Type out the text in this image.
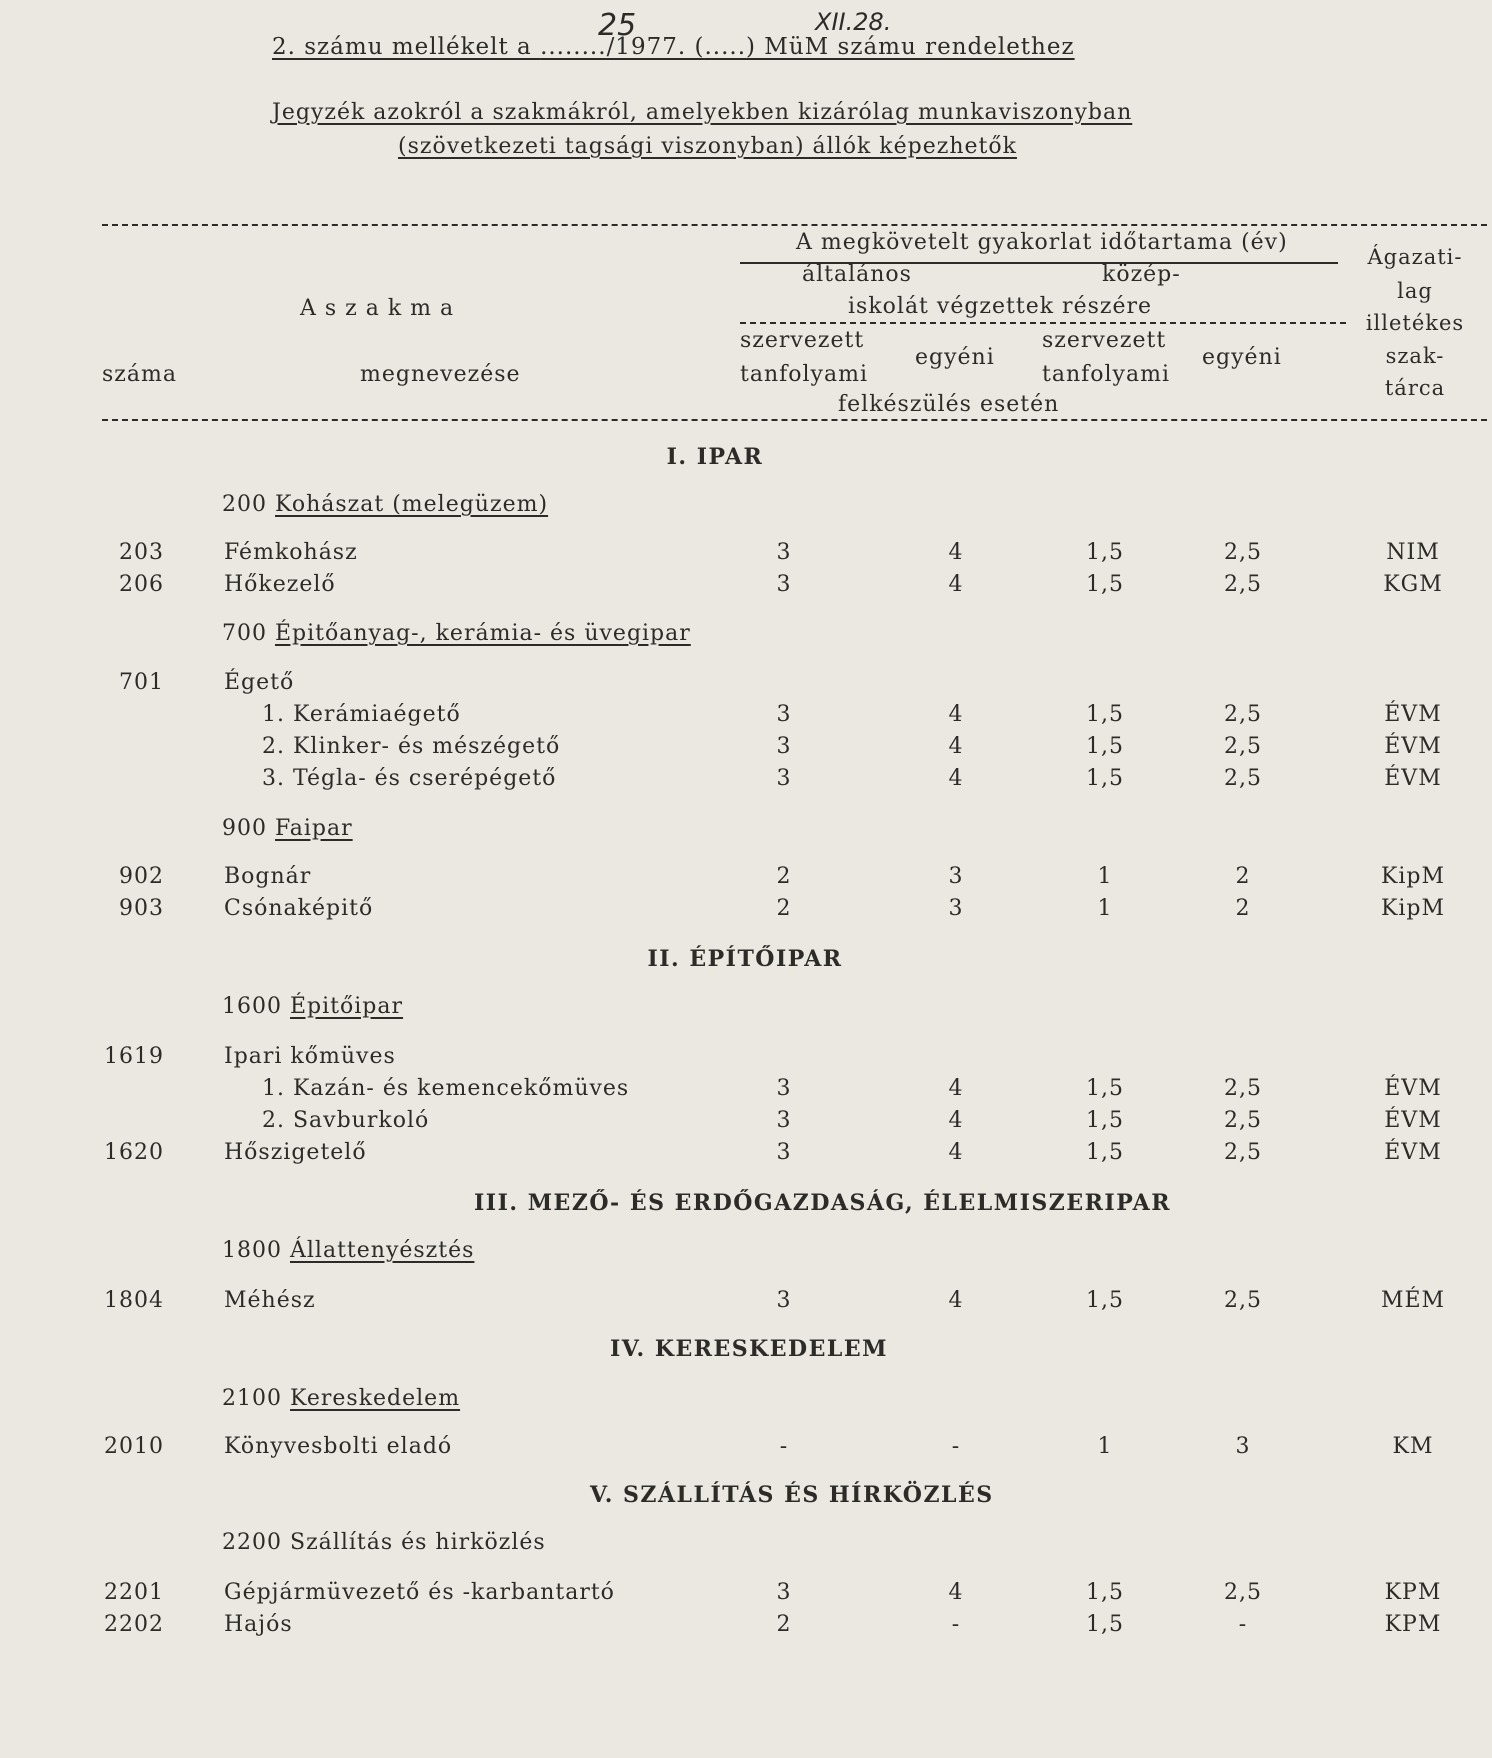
2. számu mellékelt a ......../1977. (.....) MüM számu rendelethez
25	XII.28.
Jegyzék azokról a szakmákról, amelyekben kizárólag munkaviszonyban
(szövetkezeti tagsági viszonyban) állók képezhetők
A megkövetelt gyakorlat időtartama (év)
általános	közép-
A s z a k m a	iskolát végzettek részére
szervezett
egyéni
szervezett
egyéni
száma	megnevezése	tanfolyami	tanfolyami
felkészülés esetén
Ágazati-
lag
illetékes
szak-
tárca
I. IPAR
200 Kohászat (melegüzem)
203	Fémkohász	3	4	1,5	2,5	NIM
206	Hőkezelő	3	4	1,5	2,5	KGM
700 Épitőanyag-, kerámia- és üvegipar
701	Égető
1. Kerámiaégető	3	4	1,5	2,5	ÉVM
2. Klinker- és mészégető	3	4	1,5	2,5	ÉVM
3. Tégla- és cserépégető	3	4	1,5	2,5	ÉVM
900 Faipar
902	Bognár	2	3	1	2	KipM
903	Csónaképitő	2	3	1	2	KipM
II. ÉPÍTŐIPAR
1600 Épitőipar
1619	Ipari kőmüves
1. Kazán- és kemencekőmüves	3	4	1,5	2,5	ÉVM
2. Savburkoló	3	4	1,5	2,5	ÉVM
1620	Hőszigetelő	3	4	1,5	2,5	ÉVM
III. MEZŐ- ÉS ERDŐGAZDASÁG, ÉLELMISZERIPAR
1800 Állattenyésztés
1804	Méhész	3	4	1,5	2,5	MÉM
IV. KERESKEDELEM
2100 Kereskedelem
2010	Könyvesbolti eladó	-	-	1	3	KM
V. SZÁLLÍTÁS ÉS HÍRKÖZLÉS
2200 Szállítás és hirközlés
2201	Gépjármüvezető és -karbantartó	3	4	1,5	2,5	KPM
2202	Hajós	2	-	1,5	-	KPM
